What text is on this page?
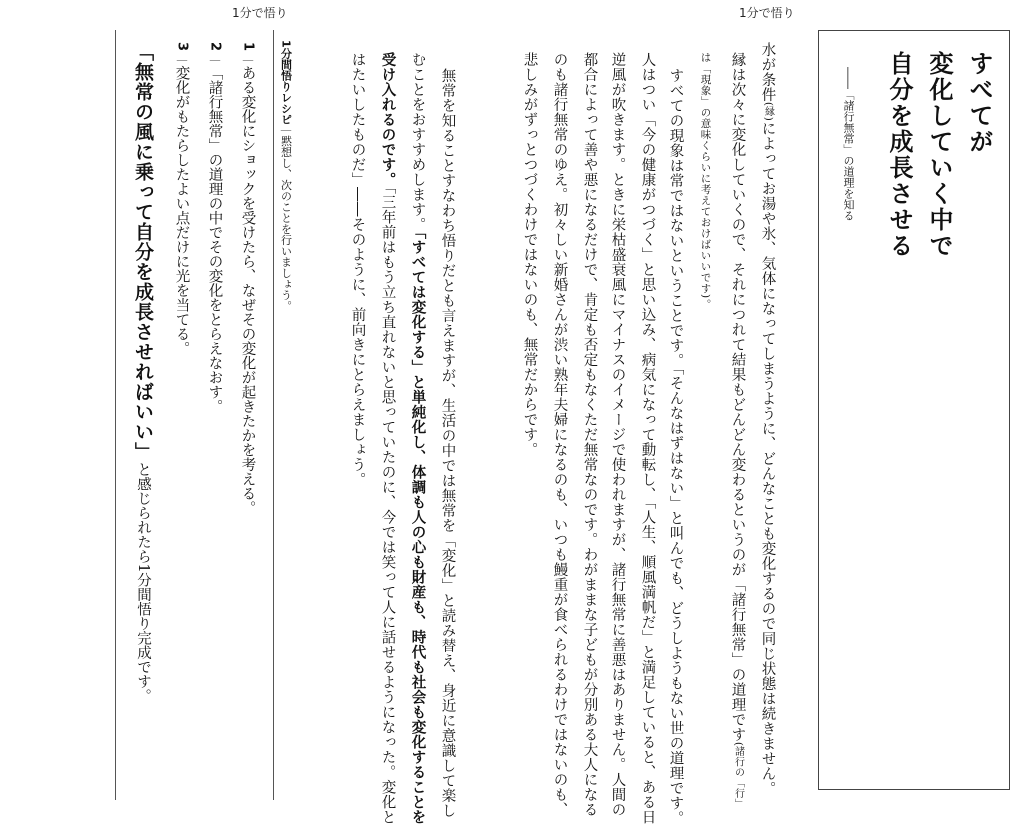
1分で悟り	1分で悟り
すべてが
変化していく中で
自分を成長させる
――「諸行無常」の道理を知る
水が条件(縁)によってお湯や氷、気体になってしまうように、どんなことも変化するので同じ状態は続きません。
縁は次々に変化していくので、それにつれて結果もどんどん変わるというのが「諸行無常」の道理です(諸行の「行」
は「現象」の意味くらいに考えておけばいいです)。
すべての現象は常ではないということです。「そんなはずはない」と叫んでも、どうしようもない世の道理です。
人はつい「今の健康がつづく」と思い込み、病気になって動転し、「人生、順風満帆だ」と満足していると、ある日
逆風が吹きます。ときに栄枯盛衰風にマイナスのイメージで使われますが、諸行無常に善悪はありません。人間の
都合によって善や悪になるだけで、肯定も否定もなくただ無常なのです。わがままな子どもが分別ある大人になる
のも諸行無常のゆえ。初々しい新婚さんが渋い熟年夫婦になるのも、いつも鰻重が食べられるわけではないのも、
悲しみがずっとつづくわけではないのも、無常だからです。
無常を知ることすなわち悟りだとも言えますが、生活の中では無常を「変化」と読み替え、身近に意識して楽し
むことをおすすめします。「すべては変化する」と単純化し、体調も人の心も財産も、時代も社会も変化することを
受け入れるのです。「三年前はもう立ち直れないと思っていたのに、今では笑って人に話せるようになった。変化と
はたいしたものだ」――そのように、前向きにとらえましょう。
1分間悟りレシピ｜黙想し、次のことを行いましょう。
1｜ある変化にショックを受けたら、なぜその変化が起きたかを考える。
2｜「諸行無常」の道理の中でその変化をとらえなおす。
3｜変化がもたらしたよい点だけに光を当てる。
「無常の風に乗って自分を成長させればいい」と感じられたら1分間悟り完成です。
